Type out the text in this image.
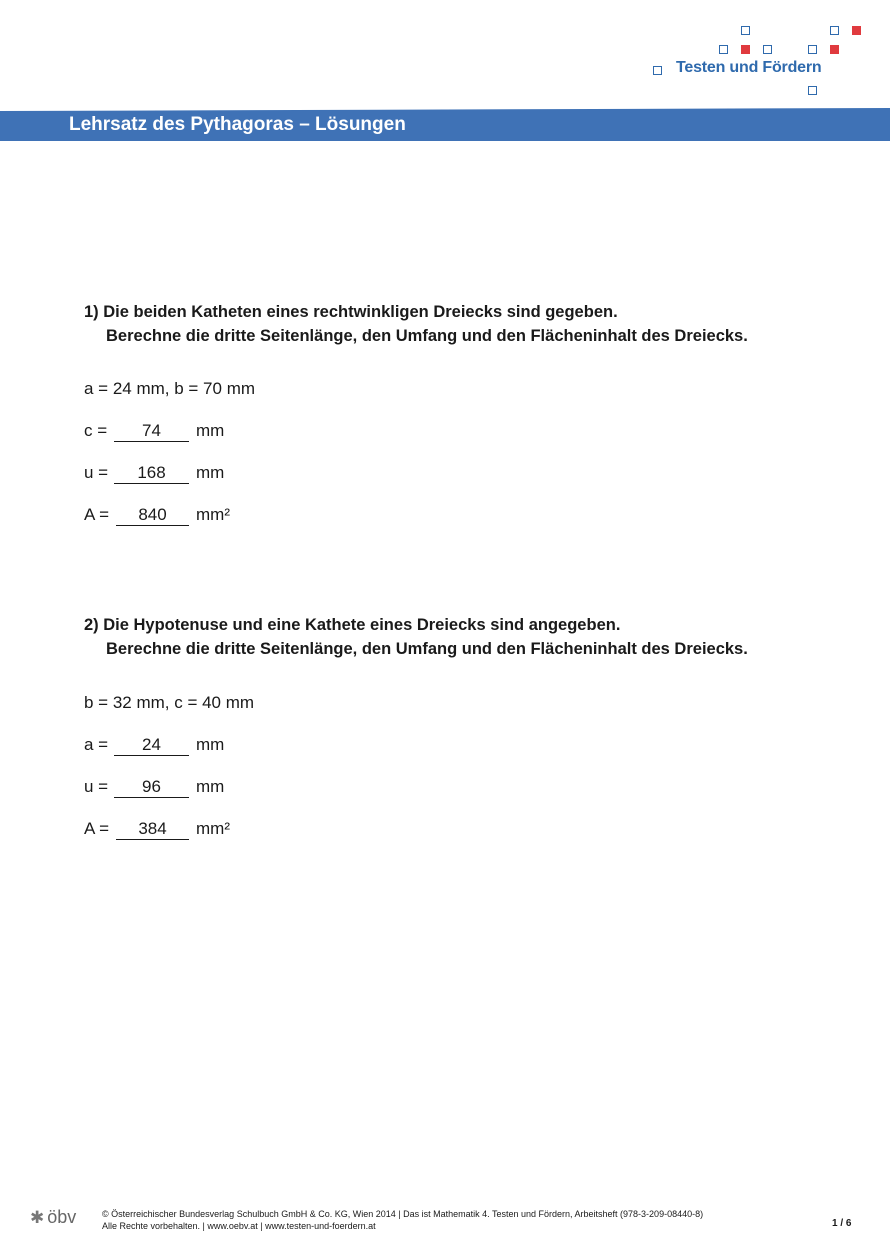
Testen und Fördern
Lehrsatz des Pythagoras – Lösungen
1) Die beiden Katheten eines rechtwinkligen Dreiecks sind gegeben.
Berechne die dritte Seitenlänge, den Umfang und den Flächeninhalt des Dreiecks.
a = 24 mm, b = 70 mm
c =	74	mm
u =	168	mm
A =	840	mm²
2) Die Hypotenuse und eine Kathete eines Dreiecks sind angegeben.
Berechne die dritte Seitenlänge, den Umfang und den Flächeninhalt des Dreiecks.
b = 32 mm, c = 40 mm
a =	24	mm
u =	96	mm
A =	384	mm²
✱ öbv	© Österreichischer Bundesverlag Schulbuch GmbH & Co. KG, Wien 2014 | Das ist Mathematik 4. Testen und Fördern, Arbeitsheft (978-3-209-08440-8)
Alle Rechte vorbehalten. | www.oebv.at | www.testen-und-foerdern.at	1 / 6
